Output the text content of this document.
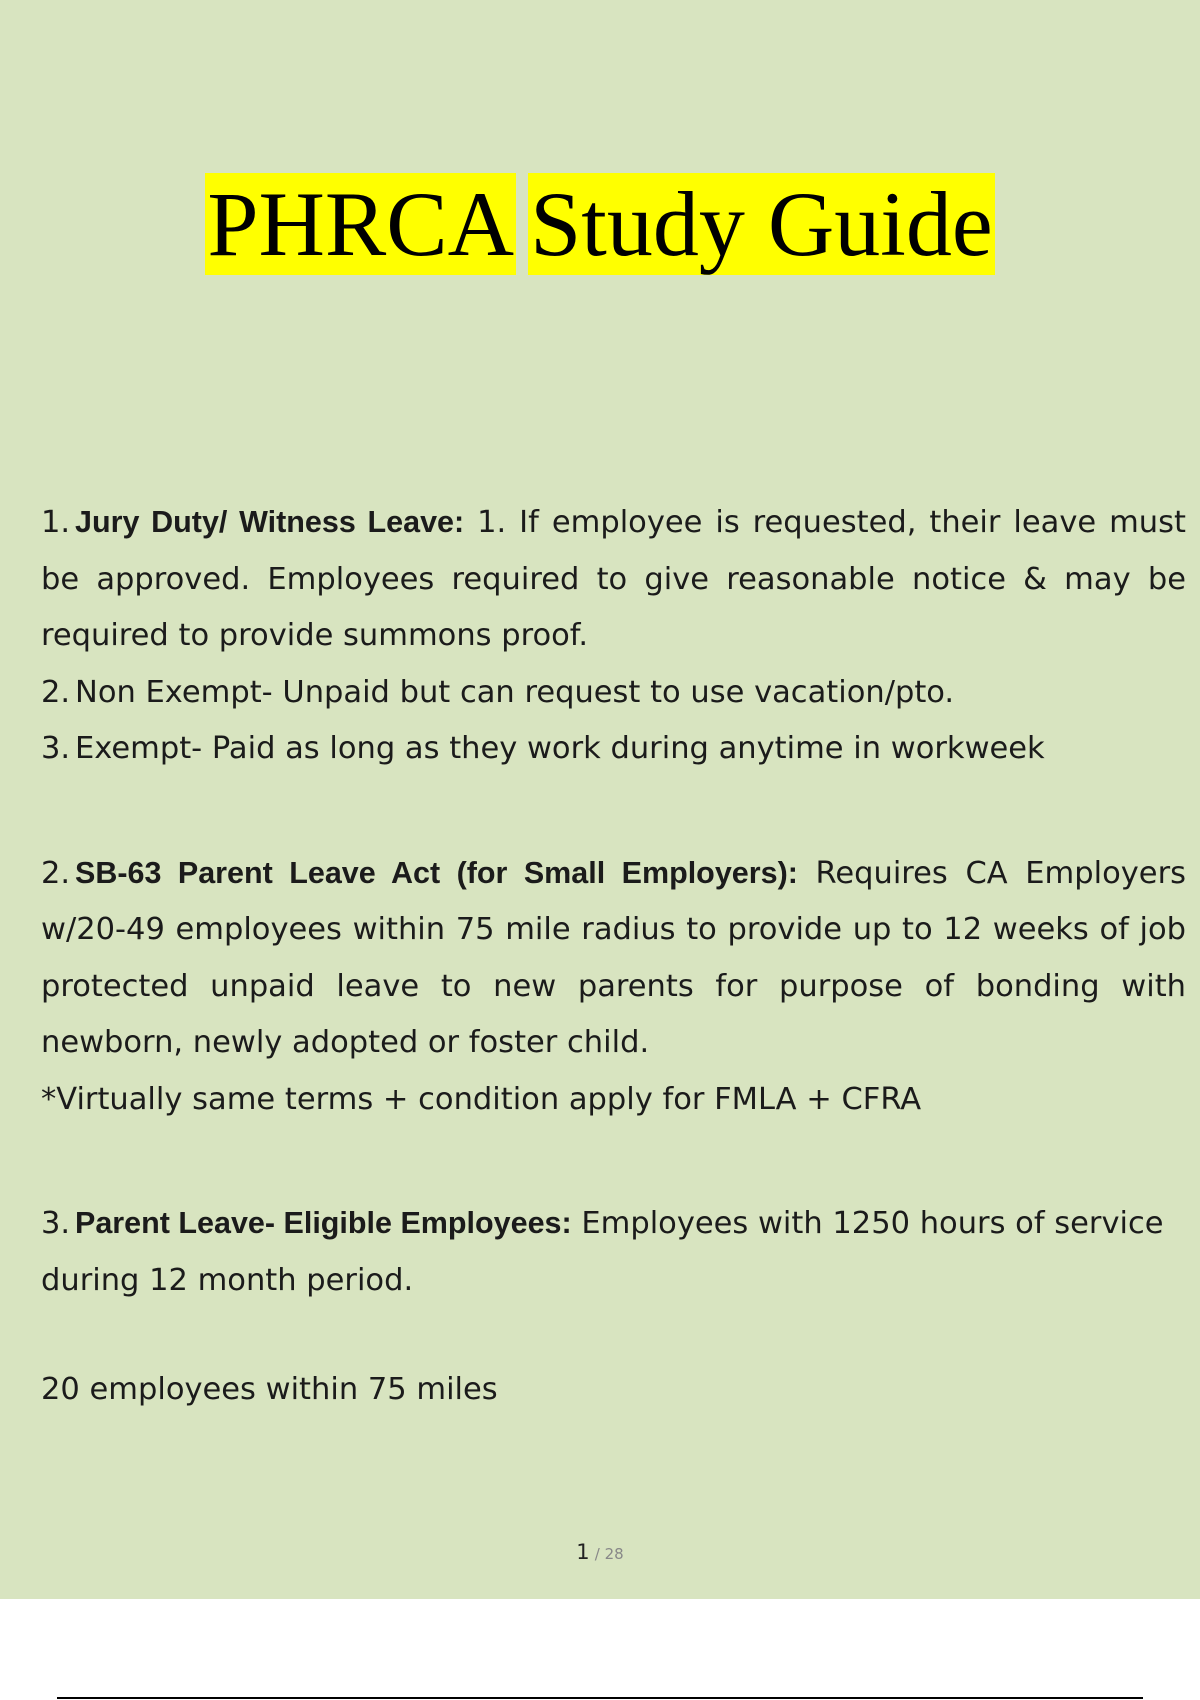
PHRCA Study Guide

1. Jury Duty/ Witness Leave: 1. If employee is requested, their leave must be approved. Employees required to give reasonable notice & may be required to provide summons proof.

2. Non Exempt- Unpaid but can request to use vacation/pto.

3. Exempt- Paid as long as they work during anytime in workweek

2. SB-63 Parent Leave Act (for Small Employers): Requires CA Employers w/20-49 employees within 75 mile radius to provide up to 12 weeks of job protected unpaid leave to new parents for purpose of bonding with newborn, newly adopted or foster child.

*Virtually same terms + condition apply for FMLA + CFRA

3. Parent Leave- Eligible Employees: Employees with 1250 hours of service during 12 month period.

20 employees within 75 miles

1 / 28
